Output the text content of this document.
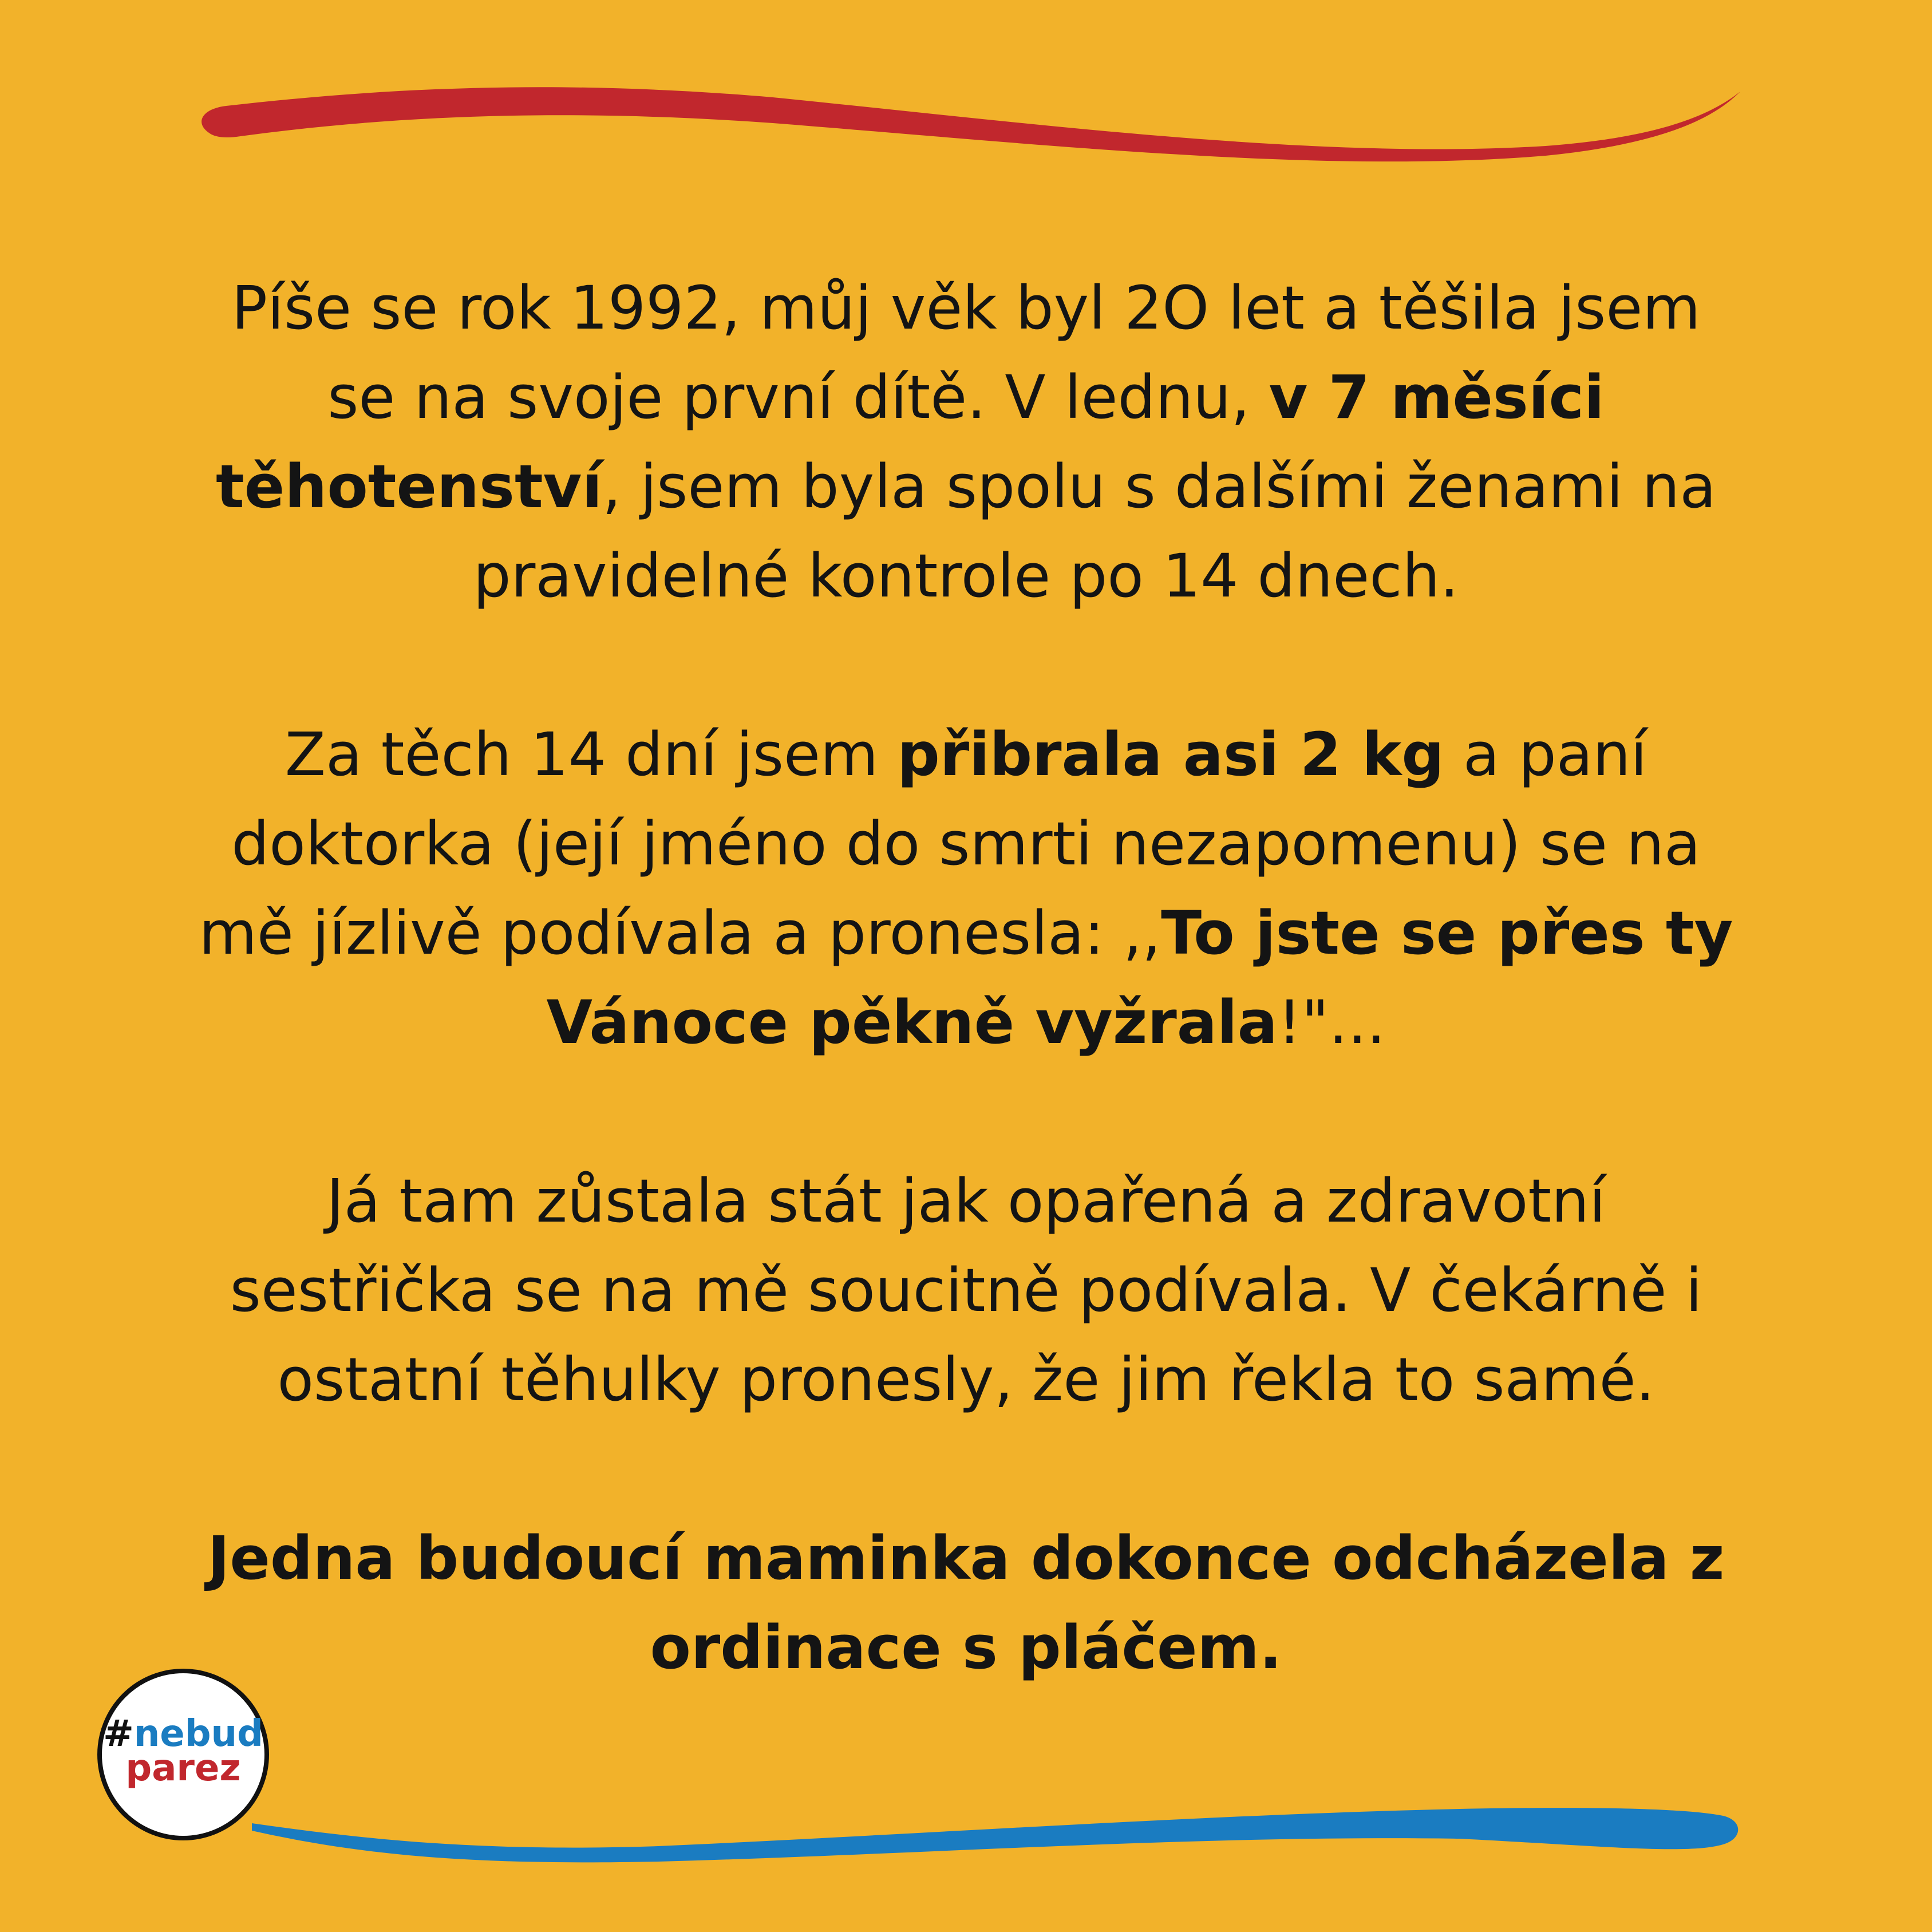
Píše se rok 1992, můj věk byl 2O let a těšila jsem se na svoje první dítě. V lednu, v 7 měsíci těhotenství, jsem byla spolu s dalšími ženami na pravidelné kontrole po 14 dnech.

Za těch 14 dní jsem přibrala asi 2 kg a paní doktorka (její jméno do smrti nezapomenu) se na mě jízlivě podívala a pronesla: ,,To jste se přes ty Vánoce pěkně vyžrala!"...

Já tam zůstala stát jak opařená a zdravotní sestřička se na mě soucitně podívala. V čekárně i ostatní těhulky pronesly, že jim řekla to samé.

Jedna budoucí maminka dokonce odcházela z ordinace s pláčem.

#nebud
parez
